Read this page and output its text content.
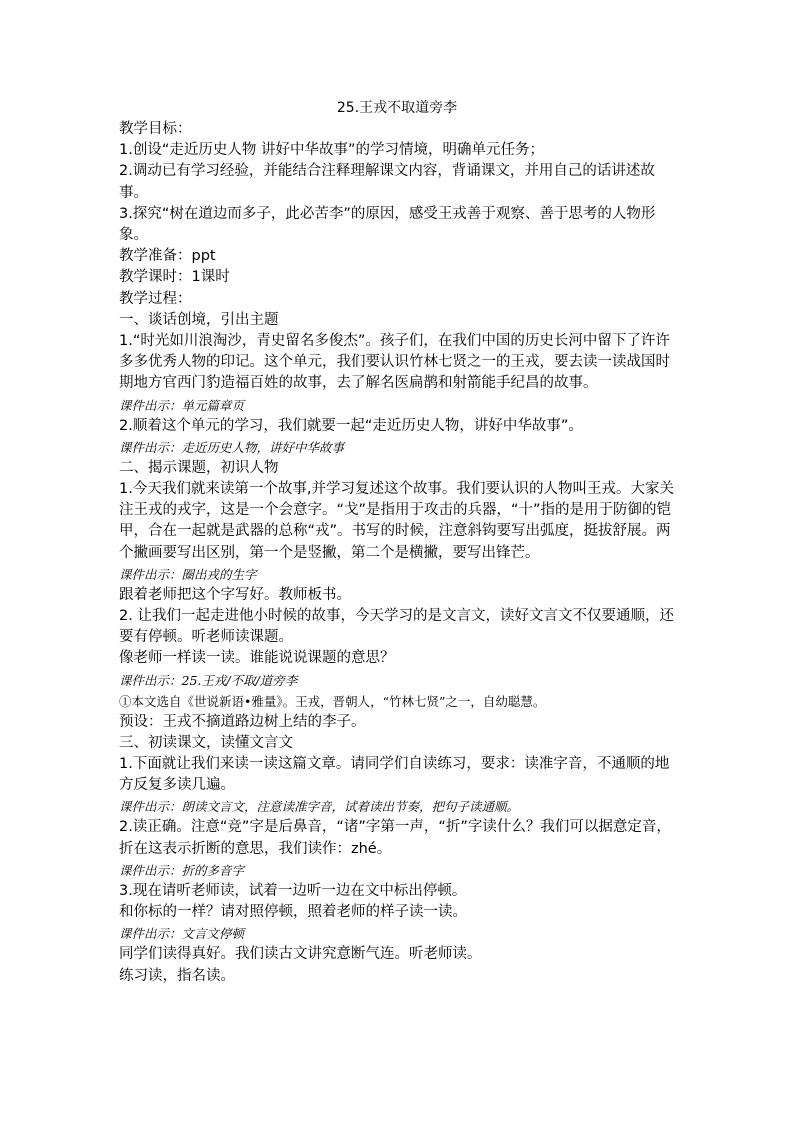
25.王戎不取道旁李

教学目标：

1.创设“走近历史人物 讲好中华故事”的学习情境，明确单元任务；

2.调动已有学习经验，并能结合注释理解课文内容，背诵课文，并用自己的话讲述故事。

3.探究“树在道边而多子，此必苦李”的原因，感受王戎善于观察、善于思考的人物形象。

教学准备：ppt

教学课时：1课时

教学过程：

一、谈话创境，引出主题

1.“时光如川浪淘沙，青史留名多俊杰”。孩子们，在我们中国的历史长河中留下了许许多多优秀人物的印记。这个单元，我们要认识竹林七贤之一的王戎，要去读一读战国时期地方官西门豹造福百姓的故事，去了解名医扁鹊和射箭能手纪昌的故事。

课件出示：单元篇章页

2.顺着这个单元的学习，我们就要一起“走近历史人物，讲好中华故事”。

课件出示：走近历史人物，讲好中华故事

二、揭示课题，初识人物

1.今天我们就来读第一个故事,并学习复述这个故事。我们要认识的人物叫王戎。大家关注王戎的戎字，这是一个会意字。“戈”是指用于攻击的兵器，“十”指的是用于防御的铠甲，合在一起就是武器的总称“戎”。书写的时候，注意斜钩要写出弧度，挺拔舒展。两个撇画要写出区别，第一个是竖撇，第二个是横撇，要写出锋芒。

课件出示：圈出戎的生字

跟着老师把这个字写好。教师板书。

2. 让我们一起走进他小时候的故事，今天学习的是文言文，读好文言文不仅要通顺，还要有停顿。听老师读课题。

像老师一样读一读。谁能说说课题的意思？

课件出示：25.王戎/不取/道旁李

①本文选自《世说新语•雅量》。王戎，晋朝人，“竹林七贤”之一，自幼聪慧。

预设：王戎不摘道路边树上结的李子。

三、初读课文，读懂文言文

1.下面就让我们来读一读这篇文章。请同学们自读练习，要求：读准字音，不通顺的地方反复多读几遍。

课件出示：朗读文言文，注意读准字音，试着读出节奏，把句子读通顺。

2.读正确。注意“竞”字是后鼻音，“诸”字第一声，“折”字读什么？我们可以据意定音，折在这表示折断的意思，我们读作：zhé。

课件出示：折的多音字

3.现在请听老师读，试着一边听一边在文中标出停顿。

和你标的一样？请对照停顿，照着老师的样子读一读。

课件出示：文言文停顿

同学们读得真好。我们读古文讲究意断气连。听老师读。

练习读，指名读。
